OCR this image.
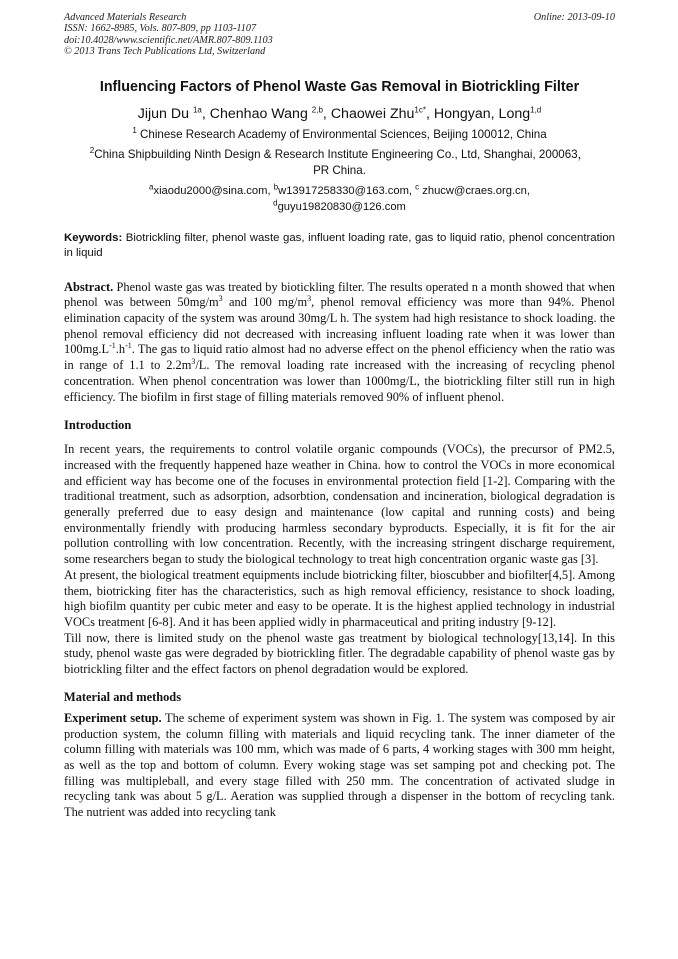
Advanced Materials Research
ISSN: 1662-8985, Vols. 807-809, pp 1103-1107
doi:10.4028/www.scientific.net/AMR.807-809.1103
© 2013 Trans Tech Publications Ltd, Switzerland
Online: 2013-09-10
Influencing Factors of Phenol Waste Gas Removal in Biotrickling Filter
Jijun Du $^{1a}$, Chenhao Wang $^{2,b}$, Chaowei Zhu$^{1c*}$, Hongyan, Long$^{1,d}$
$^1$ Chinese Research Academy of Environmental Sciences, Beijing 100012, China
$^2$China Shipbuilding Ninth Design & Research Institute Engineering Co., Ltd, Shanghai, 200063，
PR China.
$^a$xiaodu2000@sina.com, $^b$w13917258330@163.com, $^c$ zhucw@craes.org.cn,
$^d$guyu19820830@126.com
Keywords: Biotrickling filter, phenol waste gas, influent loading rate, gas to liquid ratio, phenol concentration in liquid

Abstract. Phenol waste gas was treated by biotickling filter. The results operated n a month showed that when phenol was between $50mg/m^3$ and 100 $mg/m^3$, phenol removal efficiency was more than 94%. Phenol elimination capacity of the system was around 30mg/L h. The system had high resistance to shock loading. the phenol removal efficiency did not decreased with increasing influent loading rate when it was lower than $100mg.L^{-1}.h^{-1}$. The gas to liquid ratio almost had no adverse effect on the phenol efficiency when the ratio was in range of 1.1 to $2.2m^3/L$. The removal loading rate increased with the increasing of recycling phenol concentration. When phenol concentration was lower than 1000mg/L, the biotrickling filter still run in high efficiency. The biofilm in first stage of filling materials removed 90% of influent phenol.

Introduction

In recent years, the requirements to control volatile organic compounds (VOCs), the precursor of PM2.5, increased with the frequently happened haze weather in China. how to control the VOCs in more economical and efficient way has become one of the focuses in environmental protection field [1-2]. Comparing with the traditional treatment, such as adsorption, adsorbtion, condensation and incineration, biological degradation is generally preferred due to easy design and maintenance (low capital and running costs) and being environmentally friendly with producing harmless secondary byproducts. Especially, it is fit for the air pollution controlling with low concentration. Recently, with the increasing stringent discharge requirement, some researchers began to study the biological technology to treat high concentration organic waste gas [3].

At present, the biological treatment equipments include biotricking filter, bioscubber and biofilter[4,5]. Among them, biotricking fiter has the characteristics, such as high removal efficiency, resistance to shock loading, high biofilm quantity per cubic meter and easy to be operate. It is the highest applied technology in industrial VOCs treatment [6-8]. And it has been applied widly in pharmaceutical and priting industry [9-12].

Till now, there is limited study on the phenol waste gas treatment by biological technology[13,14]. In this study, phenol waste gas were degraded by biotrickling fitler. The degradable capability of phenol waste gas by biotrickling filter and the effect factors on phenol degradation would be explored.

Material and methods

Experiment setup. The scheme of experiment system was shown in Fig. 1. The system was composed by air production system, the column filling with materials and liquid recycling tank. The inner diameter of the column filling with materials was 100 mm, which was made of 6 parts, 4 working stages with 300 mm height, as well as the top and bottom of column. Every woking stage was set samping pot and checking pot. The filling was multipleball, and every stage filled with 250 mm. The concentration of activated sludge in recycling tank was about 5 g/L. Aeration was supplied through a dispenser in the bottom of recycling tank. The nutrient was added into recycling tank
